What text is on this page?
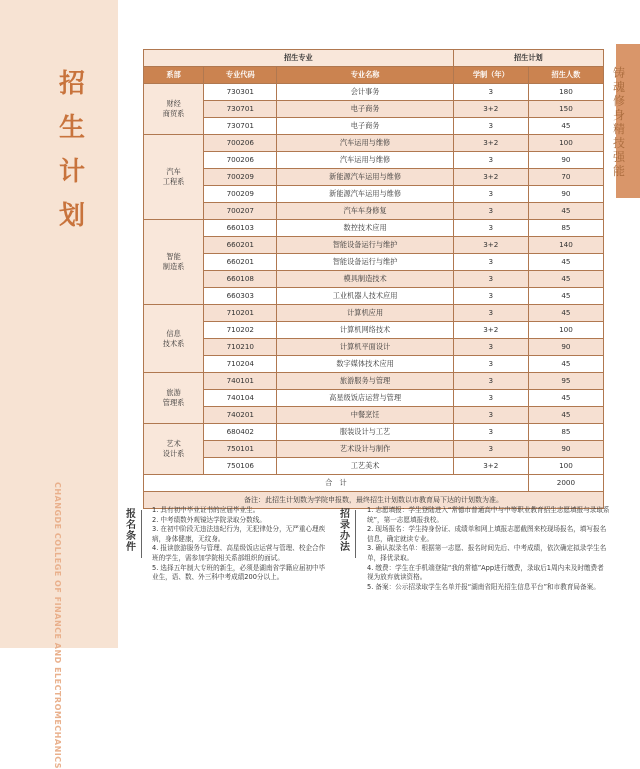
招生计划
CHANGDE COLLEGE OF FINANCE AND ELECTROMECHANICS
铸魂修身精技强能
招生专业			招生计划	
系部	专业代码	专业名称	学制（年）	招生人数
财经
商贸系	730301	会计事务	3	180
	730701	电子商务	3+2	150
	730701	电子商务	3	45
汽车
工程系	700206	汽车运用与维修	3+2	100
	700206	汽车运用与维修	3	90
	700209	新能源汽车运用与维修	3+2	70
	700209	新能源汽车运用与维修	3	90
	700207	汽车车身修复	3	45
智能
制造系	660103	数控技术应用	3	85
	660201	智能设备运行与维护	3+2	140
	660201	智能设备运行与维护	3	45
	660108	模具制造技术	3	45
	660303	工业机器人技术应用	3	45
信息
技术系	710201	计算机应用	3	45
	710202	计算机网络技术	3+2	100
	710210	计算机平面设计	3	90
	710204	数字媒体技术应用	3	45
旅游
管理系	740101	旅游服务与管理	3	95
	740104	高星级饭店运营与管理	3	45
	740201	中餐烹饪	3	45
艺术
设计系	680402	服装设计与工艺	3	85
	750101	艺术设计与制作	3	90
	750106	工艺美术	3+2	100
合　计				2000
备注：此招生计划数为学院申报数，最终招生计划数以市教育局下达的计划数为准。				
报名条件

1. 具有初中毕业证书的应届毕业生。

2. 中考绩数外观镜达学院录取分数线。

3. 在初中阶段无违法违纪行为，无犯律处分，无严重心理疾病，身体健康，无纹身。

4. 报读旅游服务与管理、高星级饭店运营与管理、校企合作班的学生，需参加学院相关系部组织的面试。

5. 选择五年制大专班的新生，必须是湖南省学籍应届初中毕业生，语、数、外三科中考成绩200分以上。

招录办法

1. 志愿填报：学生登陆进入“常德市普通高中与中等职业教育招生志愿填报与录取系统”，第一志愿填报我校。

2. 现场报名：学生持身份证、成绩单和网上填报志愿截图来校现场报名，填写报名信息，确定就读专业。

3. 确认拟录名单：根据第一志愿、报名时间先后、中考成绩，依次确定拟录学生名单，择优录取。

4. 缴费：学生在手机端登陆“我的常德”App进行缴费，录取后1周内未及时缴费者视为放弃就读资格。

5. 备案：公示招录取学生名单并报“湖南省阳光招生信息平台”和市教育局备案。
